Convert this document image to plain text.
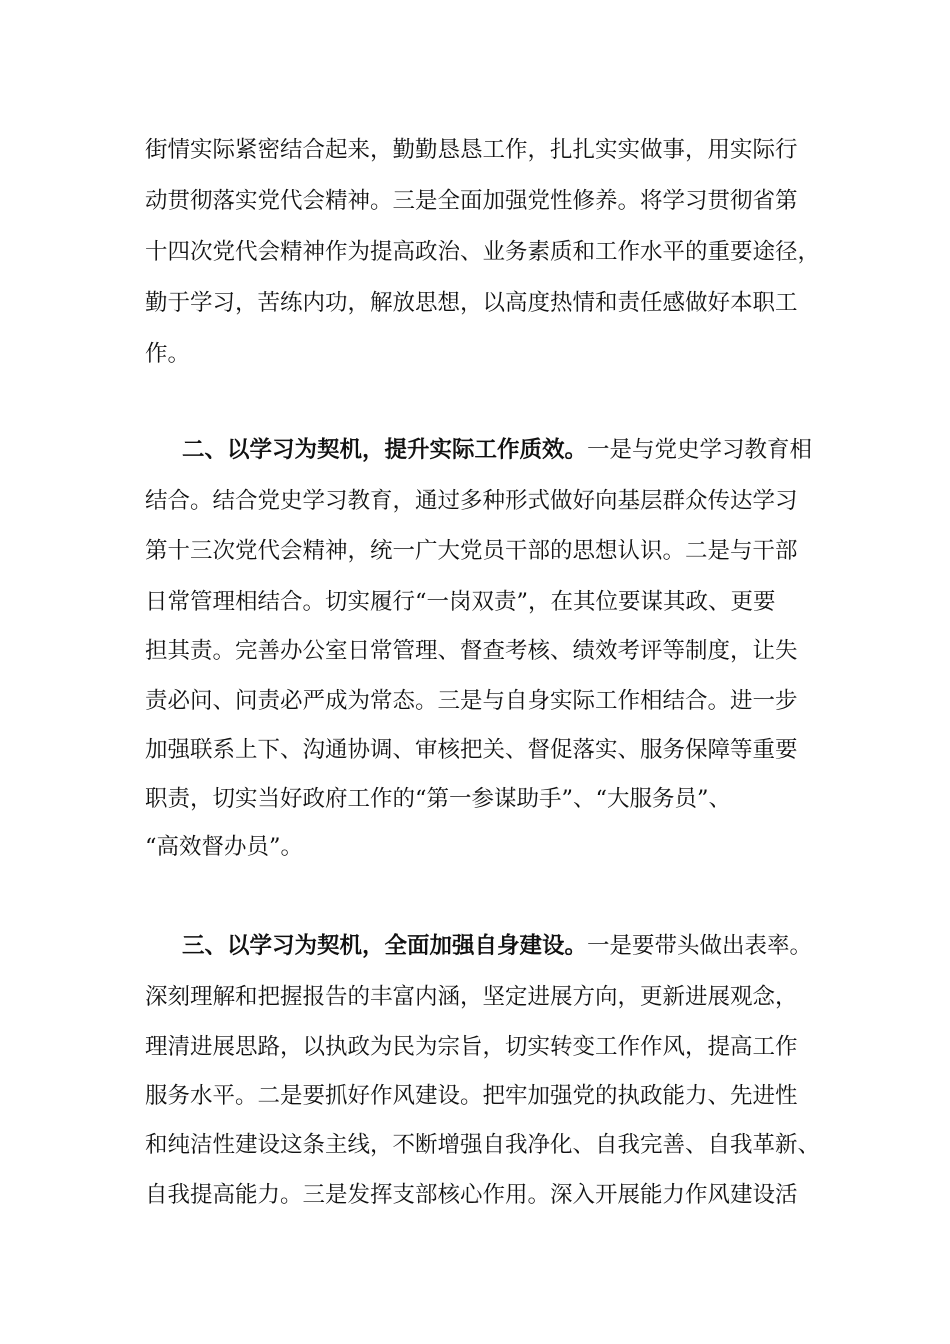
街情实际紧密结合起来，勤勤恳恳工作，扎扎实实做事，用实际行
动贯彻落实党代会精神。三是全面加强党性修养。将学习贯彻省第
十四次党代会精神作为提高政治、业务素质和工作水平的重要途径，
勤于学习，苦练内功，解放思想，以高度热情和责任感做好本职工
作。
二、以学习为契机，提升实际工作质效。一是与党史学习教育相
结合。结合党史学习教育，通过多种形式做好向基层群众传达学习
第十三次党代会精神，统一广大党员干部的思想认识。二是与干部
日常管理相结合。切实履行“一岗双责”，在其位要谋其政、更要
担其责。完善办公室日常管理、督查考核、绩效考评等制度，让失
责必问、问责必严成为常态。三是与自身实际工作相结合。进一步
加强联系上下、沟通协调、审核把关、督促落实、服务保障等重要
职责，切实当好政府工作的“第一参谋助手”、“大服务员”、
“高效督办员”。
三、以学习为契机，全面加强自身建设。一是要带头做出表率。
深刻理解和把握报告的丰富内涵，坚定进展方向，更新进展观念，
理清进展思路，以执政为民为宗旨，切实转变工作作风，提高工作
服务水平。二是要抓好作风建设。把牢加强党的执政能力、先进性
和纯洁性建设这条主线，不断增强自我净化、自我完善、自我革新、
自我提高能力。三是发挥支部核心作用。深入开展能力作风建设活
